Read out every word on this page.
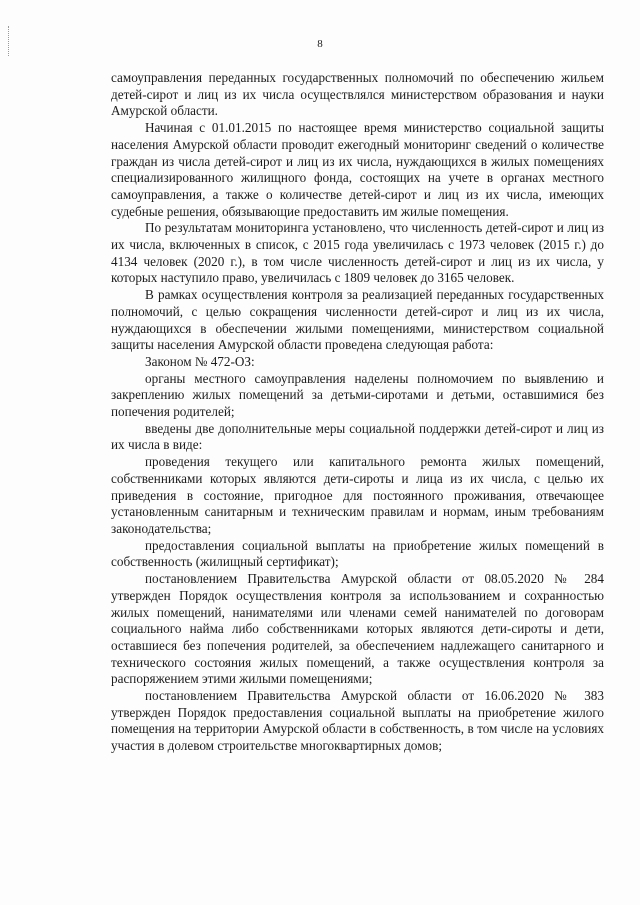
8

самоуправления переданных государственных полномочий по обеспечению жильем детей-сирот и лиц из их числа осуществлялся министерством образования и науки Амурской области.

Начиная с 01.01.2015 по настоящее время министерство социальной защиты населения Амурской области проводит ежегодный мониторинг сведений о количестве граждан из числа детей-сирот и лиц из их числа, нуждающихся в жилых помещениях специализированного жилищного фонда, состоящих на учете в органах местного самоуправления, а также о количестве детей-сирот и лиц из их числа, имеющих судебные решения, обязывающие предоставить им жилые помещения.

По результатам мониторинга установлено, что численность детей-сирот и лиц из их числа, включенных в список, с 2015 года увеличилась с 1973 человек (2015 г.) до 4134 человек (2020 г.), в том числе численность детей-сирот и лиц из их числа, у которых наступило право, увеличилась с 1809 человек до 3165 человек.

В рамках осуществления контроля за реализацией переданных государственных полномочий, с целью сокращения численности детей-сирот и лиц из их числа, нуждающихся в обеспечении жилыми помещениями, министерством социальной защиты населения Амурской области проведена следующая работа:

Законом № 472-ОЗ:

органы местного самоуправления наделены полномочием по выявлению и закреплению жилых помещений за детьми-сиротами и детьми, оставшимися без попечения родителей;

введены две дополнительные меры социальной поддержки детей-сирот и лиц из их числа в виде:

проведения текущего или капитального ремонта жилых помещений, собственниками которых являются дети-сироты и лица из их числа, с целью их приведения в состояние, пригодное для постоянного проживания, отвечающее установленным санитарным и техническим правилам и нормам, иным требованиям законодательства;

предоставления социальной выплаты на приобретение жилых помещений в собственность (жилищный сертификат);

постановлением Правительства Амурской области от 08.05.2020 № 284 утвержден Порядок осуществления контроля за использованием и сохранностью жилых помещений, нанимателями или членами семей нанимателей по договорам социального найма либо собственниками которых являются дети-сироты и дети, оставшиеся без попечения родителей, за обеспечением надлежащего санитарного и технического состояния жилых помещений, а также осуществления контроля за распоряжением этими жилыми помещениями;

постановлением Правительства Амурской области от 16.06.2020 № 383 утвержден Порядок предоставления социальной выплаты на приобретение жилого помещения на территории Амурской области в собственность, в том числе на условиях участия в долевом строительстве многоквартирных домов;
